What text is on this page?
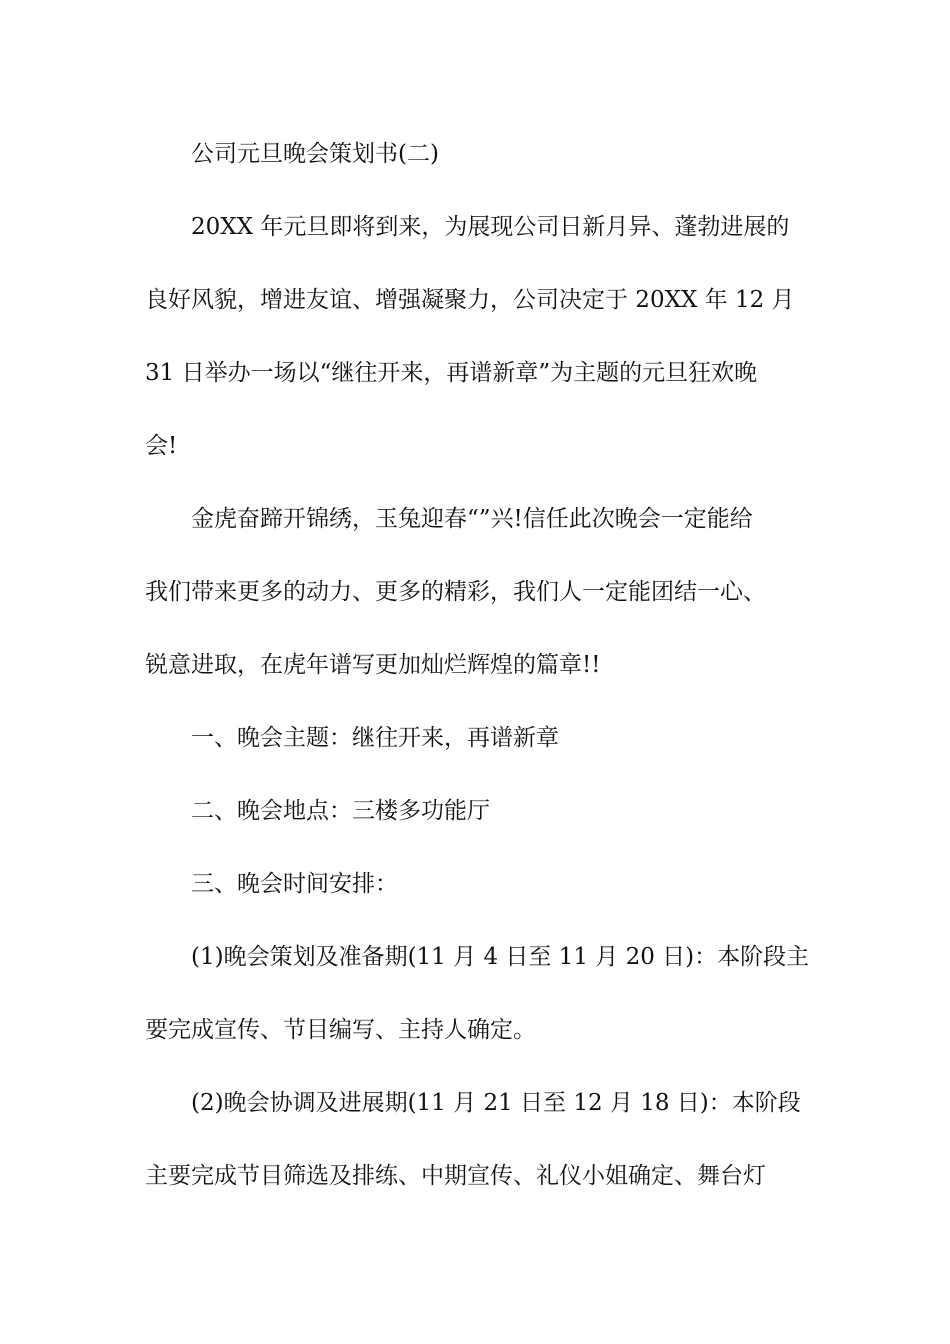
公司元旦晚会策划书(二)
20XX 年元旦即将到来，为展现公司日新月异、蓬勃进展的
良好风貌，增进友谊、增强凝聚力，公司决定于 20XX 年 12 月
31 日举办一场以“继往开来，再谱新章”为主题的元旦狂欢晚
会!
金虎奋蹄开锦绣，玉兔迎春“”兴!信任此次晚会一定能给
我们带来更多的动力、更多的精彩，我们人一定能团结一心、
锐意进取，在虎年谱写更加灿烂辉煌的篇章!!
一、晚会主题：继往开来，再谱新章
二、晚会地点：三楼多功能厅
三、晚会时间安排：
(1)晚会策划及准备期(11 月 4 日至 11 月 20 日)：本阶段主
要完成宣传、节目编写、主持人确定。
(2)晚会协调及进展期(11 月 21 日至 12 月 18 日)：本阶段
主要完成节目筛选及排练、中期宣传、礼仪小姐确定、舞台灯
